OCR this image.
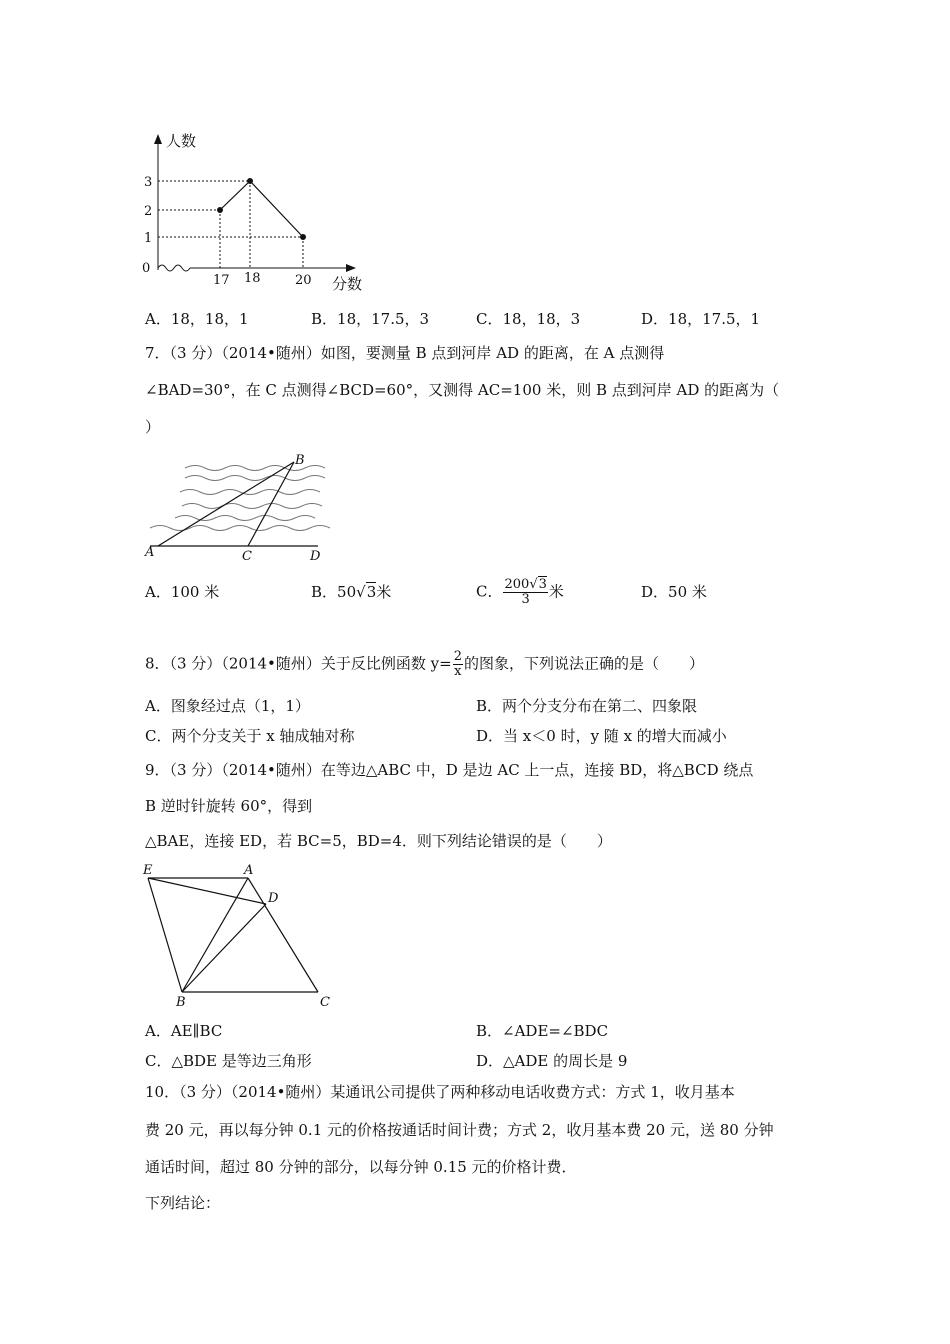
人数
分数
0
1
2
3
17 18	20
A．18，18，1	B．18，17.5，3	C．18，18，3	D．18，17.5，1
7．（3 分）（2014•随州）如图，要测量 B 点到河岸 AD 的距离，在 A 点测得
∠BAD=30°，在 C 点测得∠BCD=60°，又测得 AC=100 米，则 B 点到河岸 AD 的距离为（
）
A
B
C	D
A．100 米	B．50√3米	C． $\frac{200√3}{3}$ 米	D．50 米
8．（3 分）（2014•随州）关于反比例函数 $y= \frac{2}{x}$ 的图象，下列说法正确的是（　　）
A．图象经过点（1，1）	B．两个分支分布在第二、四象限
C．两个分支关于 x 轴成轴对称	D．当 x＜0 时，y 随 x 的增大而减小
9．（3 分）（2014•随州）在等边△ABC 中，D 是边 AC 上一点，连接 BD，将△BCD 绕点
B 逆时针旋转 60°，得到
△BAE，连接 ED，若 BC=5，BD=4．则下列结论错误的是（　　）
E	A
D
B	C
A．AE∥BC	B．∠ADE=∠BDC
C．△BDE 是等边三角形	D．△ADE 的周长是 9
10．（3 分）（2014•随州）某通讯公司提供了两种移动电话收费方式：方式 1，收月基本
费 20 元，再以每分钟 0.1 元的价格按通话时间计费；方式 2，收月基本费 20 元，送 80 分钟
通话时间，超过 80 分钟的部分，以每分钟 0.15 元的价格计费．
下列结论：
